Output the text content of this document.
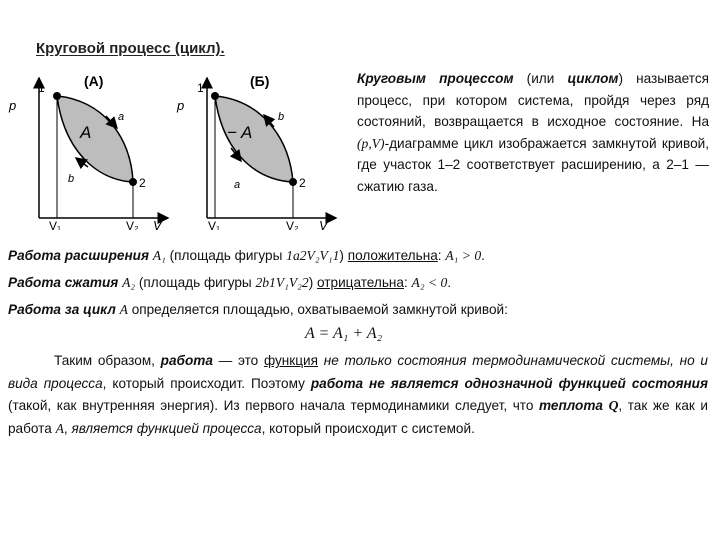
Круговой процесс (цикл).
p
1	(А)
a
A
b	2
V₁	V₂ V
p
1	(Б)
b
− A
a	2
V₁	V₂ V
Круговым процессом (или циклом) называется процесс, при котором система, пройдя через ряд состояний, возвращается в исходное состояние. На (p,V)-диаграмме цикл изображается замкнутой кривой, где участок 1–2 соответствует расширению, а 2–1 — сжатию газа.
Работа расширения A₁ (площадь фигуры 1a2V₂V₁1) положительна: A₁ > 0.
Работа сжатия A₂ (площадь фигуры 2b1V₁V₂2) отрицательна: A₂ < 0.
Работа за цикл A определяется площадью, охватываемой замкнутой кривой:
A = A₁ + A₂
Таким образом, работа — это функция не только состояния термодинамической системы, но и вида процесса, который происходит. Поэтому работа не является однозначной функцией состояния (такой, как внутренняя энергия). Из первого начала термодинамики следует, что теплота Q, так же как и работа A, является функцией процесса, который происходит с системой.
